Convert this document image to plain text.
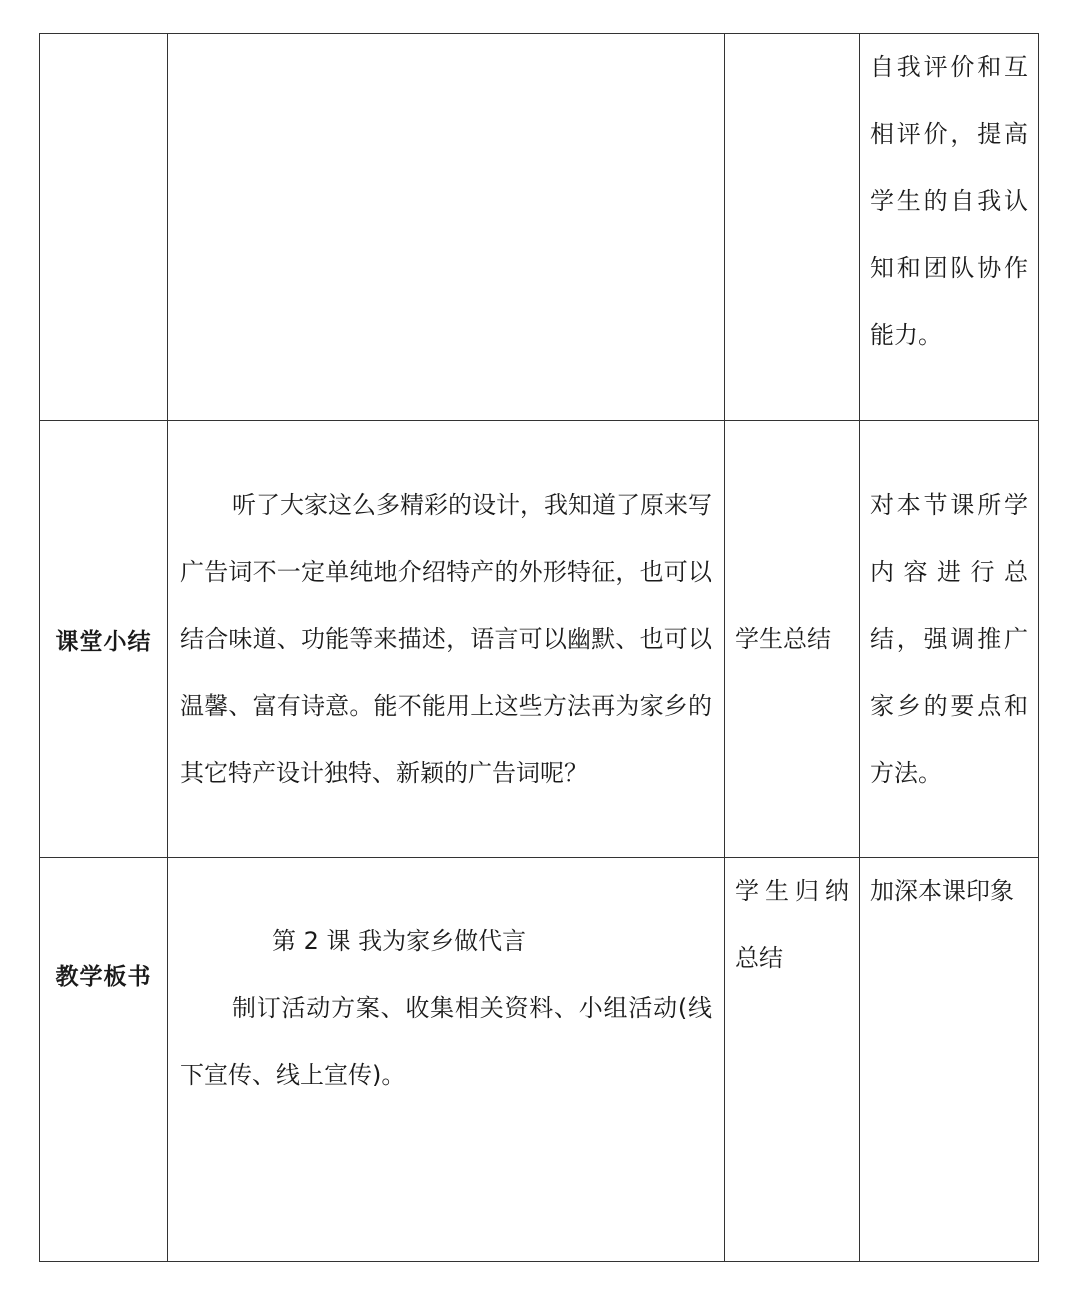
			自我评价和互相评价，提高学生的自我认知和团队协作能力。

课堂小结	听了大家这么多精彩的设计，我知道了原来写广告词不一定单纯地介绍特产的外形特征，也可以结合味道、功能等来描述，语言可以幽默、也可以温馨、富有诗意。能不能用上这些方法再为家乡的其它特产设计独特、新颖的广告词呢？	学生总结	对本节课所学内容进行总结，强调推广家乡的要点和方法。

教学板书	第 2 课 我为家乡做代言
制订活动方案、收集相关资料、小组活动(线下宣传、线上宣传)。	学生归纳总结	加深本课印象
